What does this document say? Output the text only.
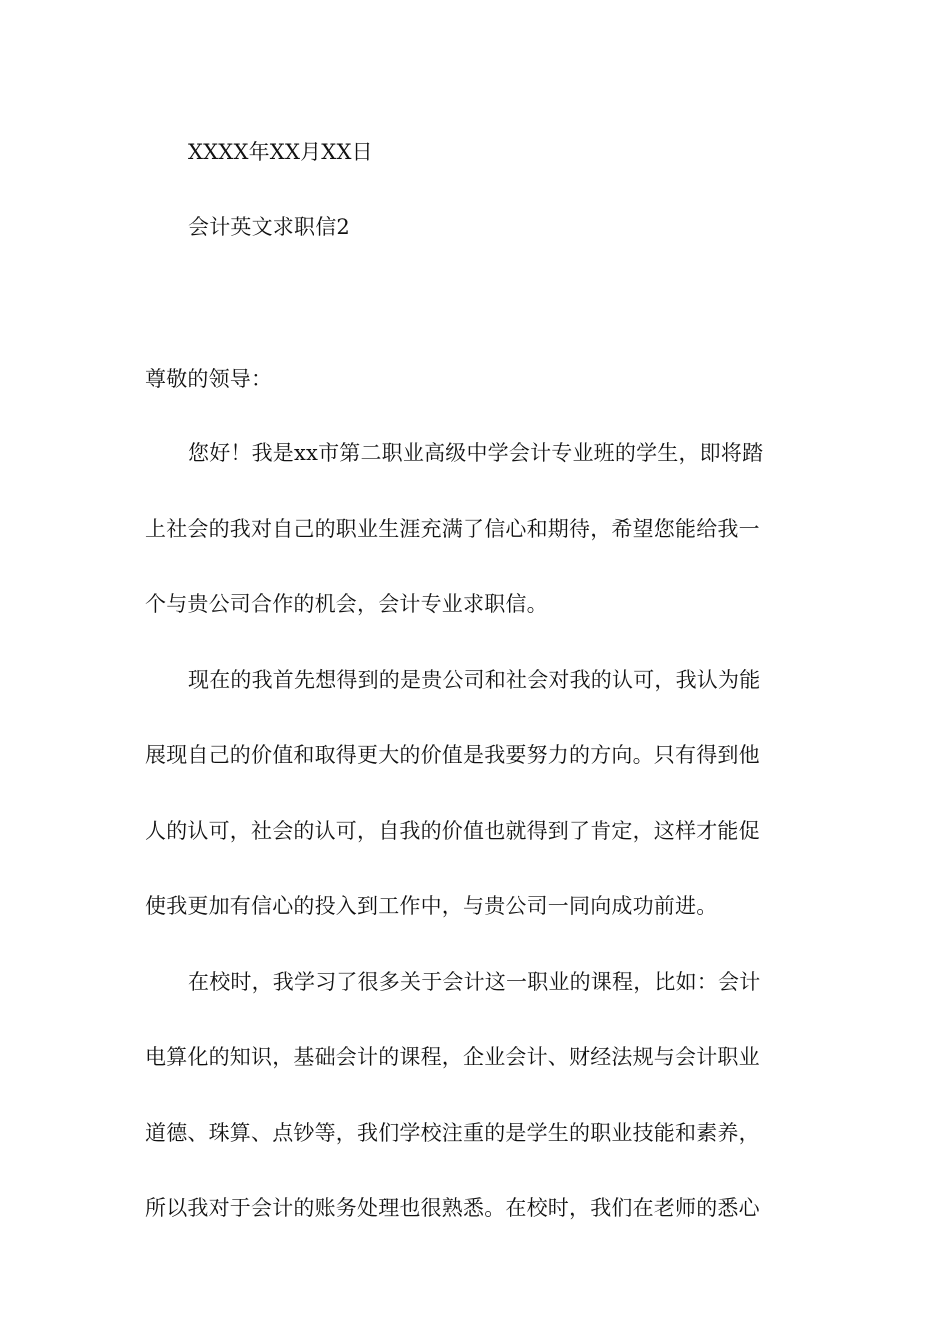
XXXX年XX月XX日
会计英文求职信2
尊敬的领导：
您好！我是xx市第二职业高级中学会计专业班的学生，即将踏
上社会的我对自己的职业生涯充满了信心和期待，希望您能给我一
个与贵公司合作的机会，会计专业求职信。
现在的我首先想得到的是贵公司和社会对我的认可，我认为能
展现自己的价值和取得更大的价值是我要努力的方向。只有得到他
人的认可，社会的认可，自我的价值也就得到了肯定，这样才能促
使我更加有信心的投入到工作中，与贵公司一同向成功前进。
在校时，我学习了很多关于会计这一职业的课程，比如：会计
电算化的知识，基础会计的课程，企业会计、财经法规与会计职业
道德、珠算、点钞等，我们学校注重的是学生的职业技能和素养，
所以我对于会计的账务处理也很熟悉。在校时，我们在老师的悉心
